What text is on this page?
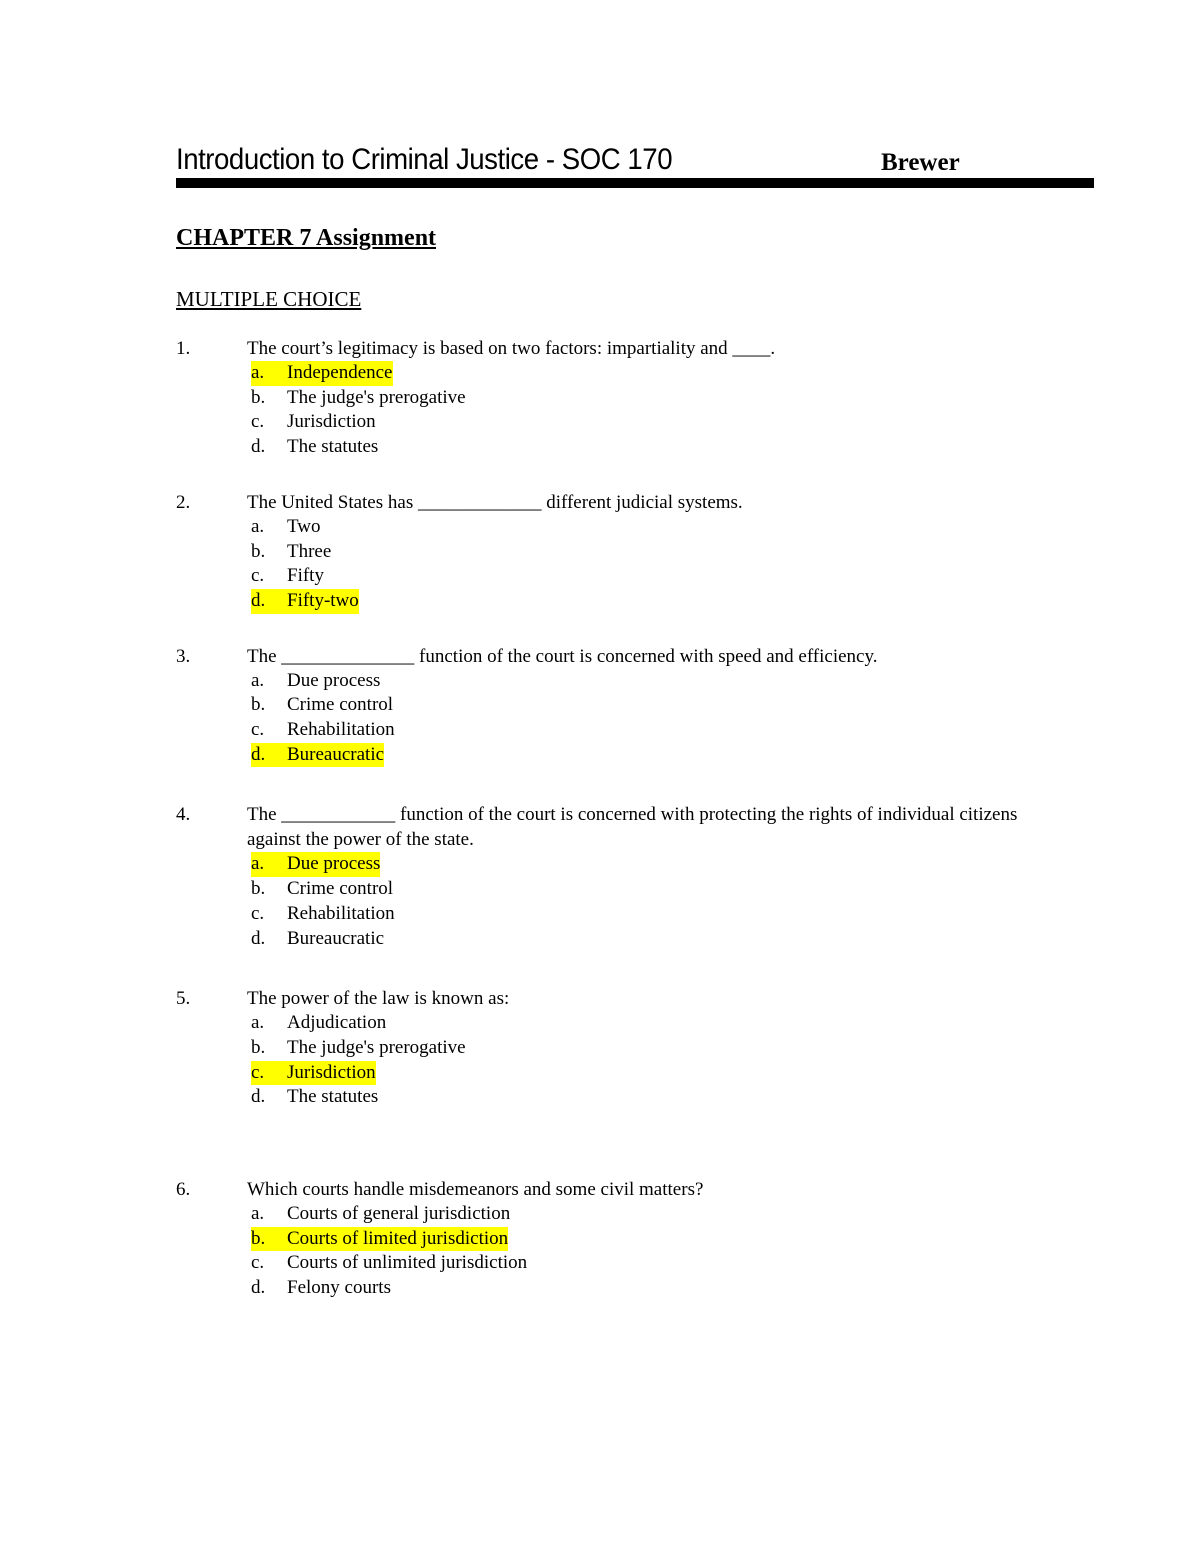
Introduction to Criminal Justice - SOC 170	Brewer
CHAPTER 7 Assignment
MULTIPLE CHOICE
1.	The court’s legitimacy is based on two factors: impartiality and ____.
a. Independence
b. The judge's prerogative
c. Jurisdiction
d. The statutes
2.	The United States has _____________ different judicial systems.
a. Two
b. Three
c. Fifty
d. Fifty-two
3.	The ______________ function of the court is concerned with speed and efficiency.
a. Due process
b. Crime control
c. Rehabilitation
d. Bureaucratic
4.	The ____________ function of the court is concerned with protecting the rights of individual citizens against the power of the state.
a. Due process
b. Crime control
c. Rehabilitation
d. Bureaucratic
5.	The power of the law is known as:
a. Adjudication
b. The judge's prerogative
c. Jurisdiction
d. The statutes
6.	Which courts handle misdemeanors and some civil matters?
a. Courts of general jurisdiction
b. Courts of limited jurisdiction
c. Courts of unlimited jurisdiction
d. Felony courts
